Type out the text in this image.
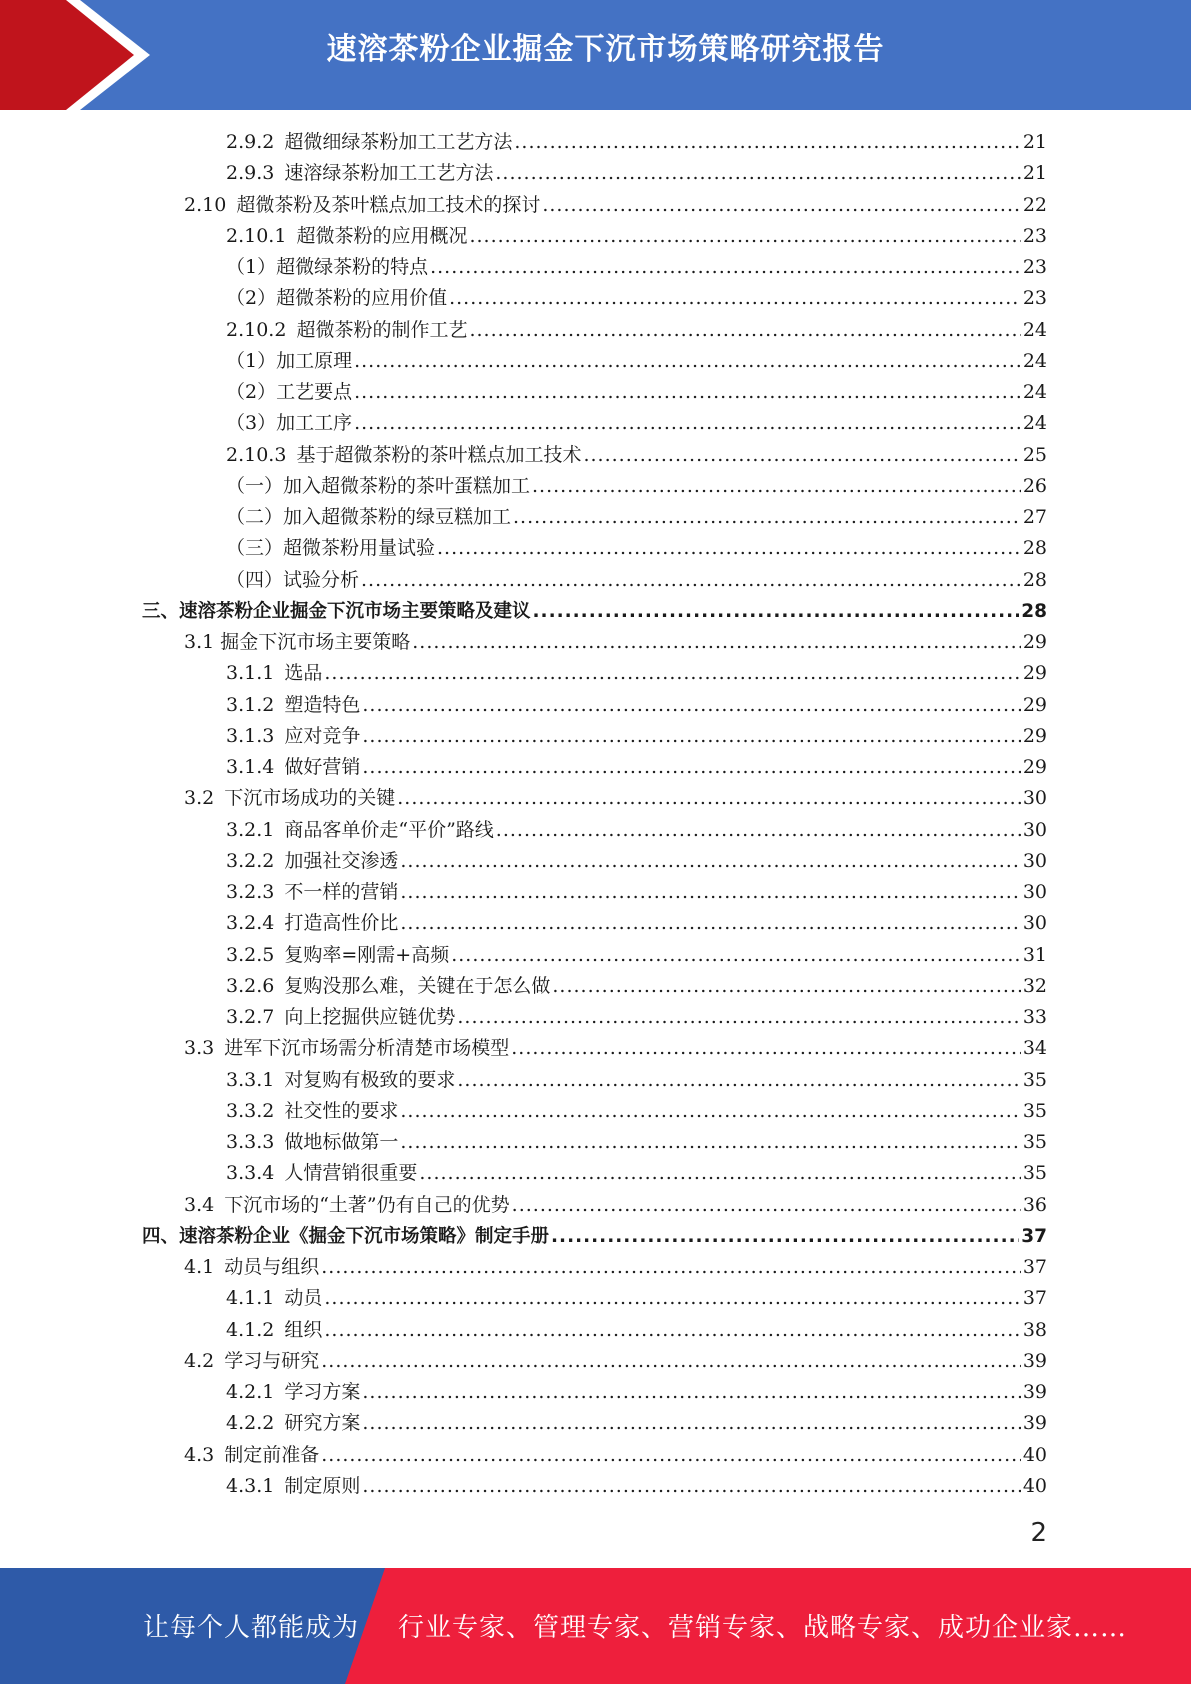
速溶茶粉企业掘金下沉市场策略研究报告
2.9.2 超微细绿茶粉加工工艺方法 .....	21
2.9.3 速溶绿茶粉加工工艺方法 .....	21
2.10 超微茶粉及茶叶糕点加工技术的探讨 .....	22
2.10.1 超微茶粉的应用概况 .....	23
（1）超微绿茶粉的特点 .....	23
（2）超微茶粉的应用价值 .....	23
2.10.2 超微茶粉的制作工艺 .....	24
（1）加工原理 .....	24
（2）工艺要点 .....	24
（3）加工工序 .....	24
2.10.3 基于超微茶粉的茶叶糕点加工技术 .....	25
（一）加入超微茶粉的茶叶蛋糕加工 .....	26
（二）加入超微茶粉的绿豆糕加工 .....	27
（三）超微茶粉用量试验 .....	28
（四）试验分析 .....	28
三、速溶茶粉企业掘金下沉市场主要策略及建议 .....	28
3.1 掘金下沉市场主要策略 .....	29
3.1.1 选品 .....	29
3.1.2 塑造特色 .....	29
3.1.3 应对竞争 .....	29
3.1.4 做好营销 .....	29
3.2 下沉市场成功的关键 .....	30
3.2.1 商品客单价走“平价”路线 .....	30
3.2.2 加强社交渗透 .....	30
3.2.3 不一样的营销 .....	30
3.2.4 打造高性价比 .....	30
3.2.5 复购率=刚需+高频 .....	31
3.2.6 复购没那么难，关键在于怎么做 .....	32
3.2.7 向上挖掘供应链优势 .....	33
3.3 进军下沉市场需分析清楚市场模型 .....	34
3.3.1 对复购有极致的要求 .....	35
3.3.2 社交性的要求 .....	35
3.3.3 做地标做第一 .....	35
3.3.4 人情营销很重要 .....	35
3.4 下沉市场的“土著”仍有自己的优势 .....	36
四、速溶茶粉企业《掘金下沉市场策略》制定手册 .....	37
4.1 动员与组织 .....	37
4.1.1 动员 .....	37
4.1.2 组织 .....	38
4.2 学习与研究 .....	39
4.2.1 学习方案 .....	39
4.2.2 研究方案 .....	39
4.3 制定前准备 .....	40
4.3.1 制定原则 .....	40
2
让每个人都能成为 行业专家、管理专家、营销专家、战略专家、成功企业家……
